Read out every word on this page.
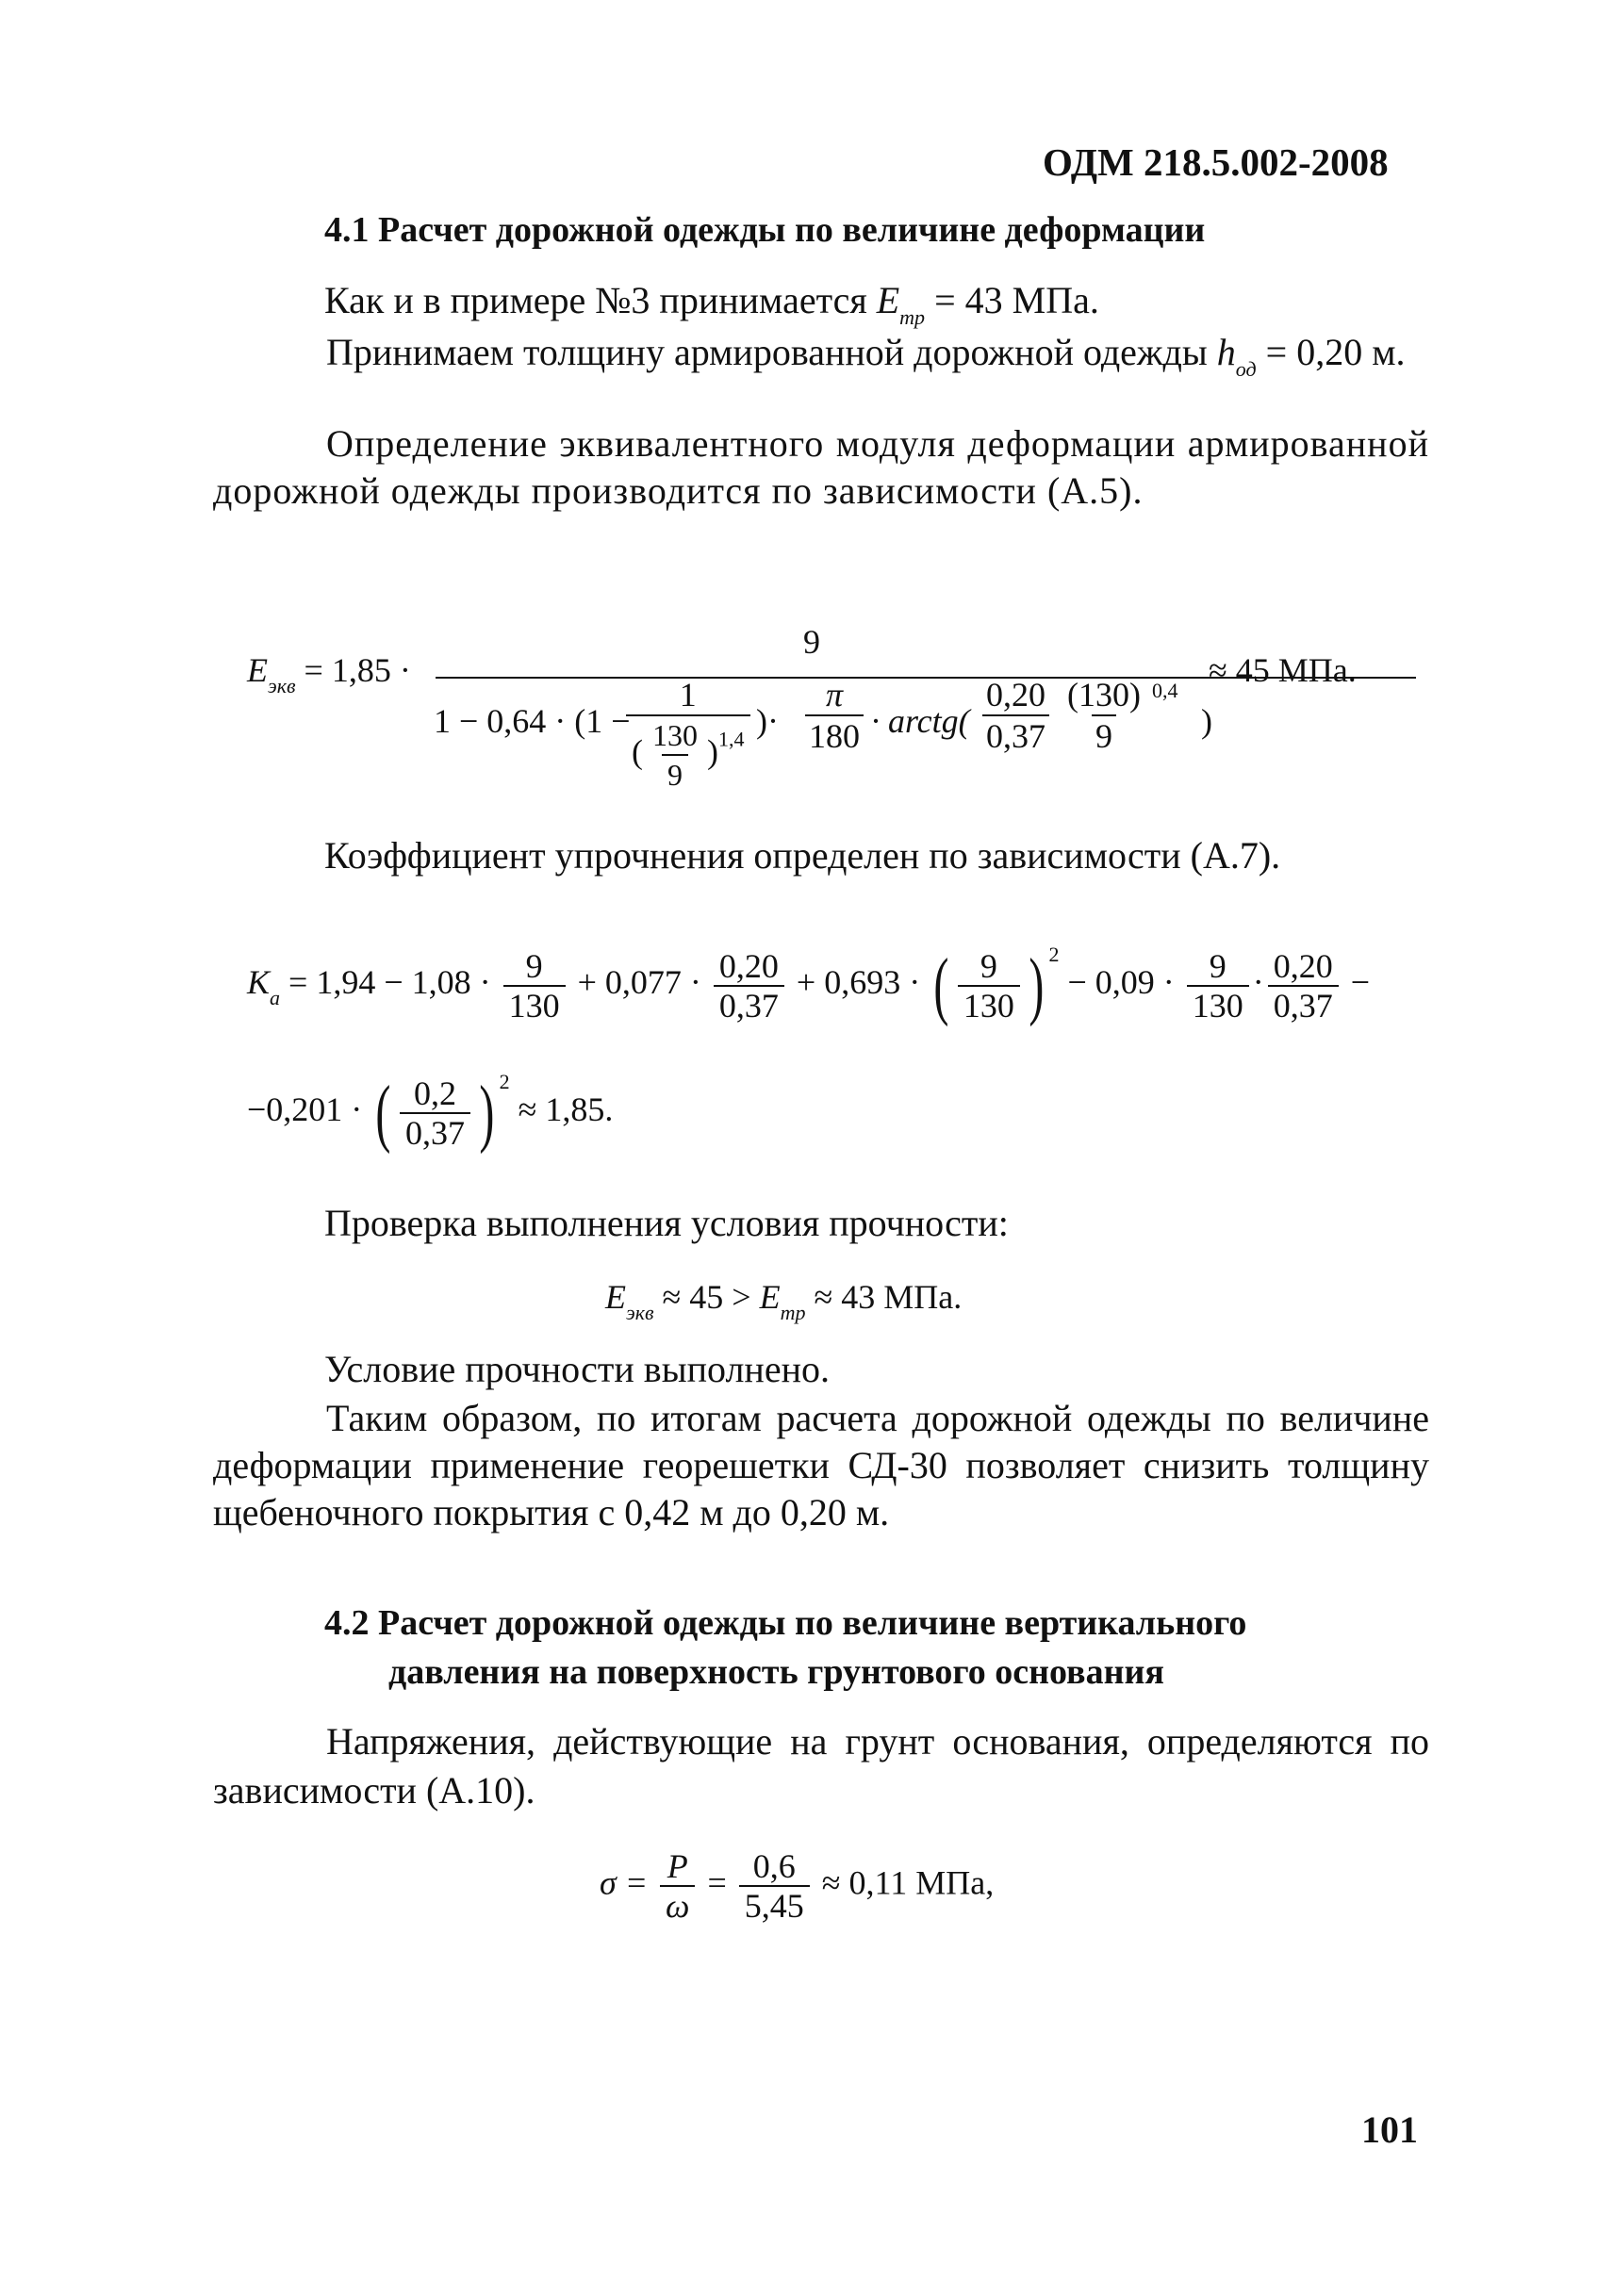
ОДМ 218.5.002-2008
4.1 Расчет дорожной одежды по величине деформации
Как и в примере №3 принимается $E_{тр} = 43$ МПа.
Принимаем толщину армированной дорожной одежды $h_{од} = 0,20$ м.
Определение эквивалентного модуля деформации армированной дорожной одежды производится по зависимости (А.5).
$E_{экв} = 1,85$ ·
9
1 − 0,64 · (1 −
1
( $\frac{130}{9} )^{1,4}$ )·
π
180 · arctg(
0,20
0,37
(130)
9
0,4
)
≈ 45 МПа.
Коэффициент упрочнения определен по зависимости (А.7).
$K_a = 1,94 - 1,08 \cdot \frac{9}{130} + 0,077 \cdot \frac{0,20}{0,37} + 0,693$ · ( $\frac{9}{130}$ ) $^2 - 0,09 \cdot \frac{9}{130} \cdot \frac{0,20}{0,37}$ −
−0,201 · ( $\frac{0,2}{0,37}$ ) $^2$ ≈ 1,85.
Проверка выполнения условия прочности:
$E_{экв} \approx 45 > E_{тр} \approx 43$ МПа.
Условие прочности выполнено.
Таким образом, по итогам расчета дорожной одежды по величине деформации применение георешетки СД-30 позволяет снизить толщину щебеночного покрытия с 0,42 м до 0,20 м.
4.2 Расчет дорожной одежды по величине вертикального
давления на поверхность грунтового основания
Напряжения, действующие на грунт основания, определяются по зависимости (А.10).
$\sigma = \frac{P}{\omega} = \frac{0,6}{5,45} \approx 0,11$ МПа,
101
